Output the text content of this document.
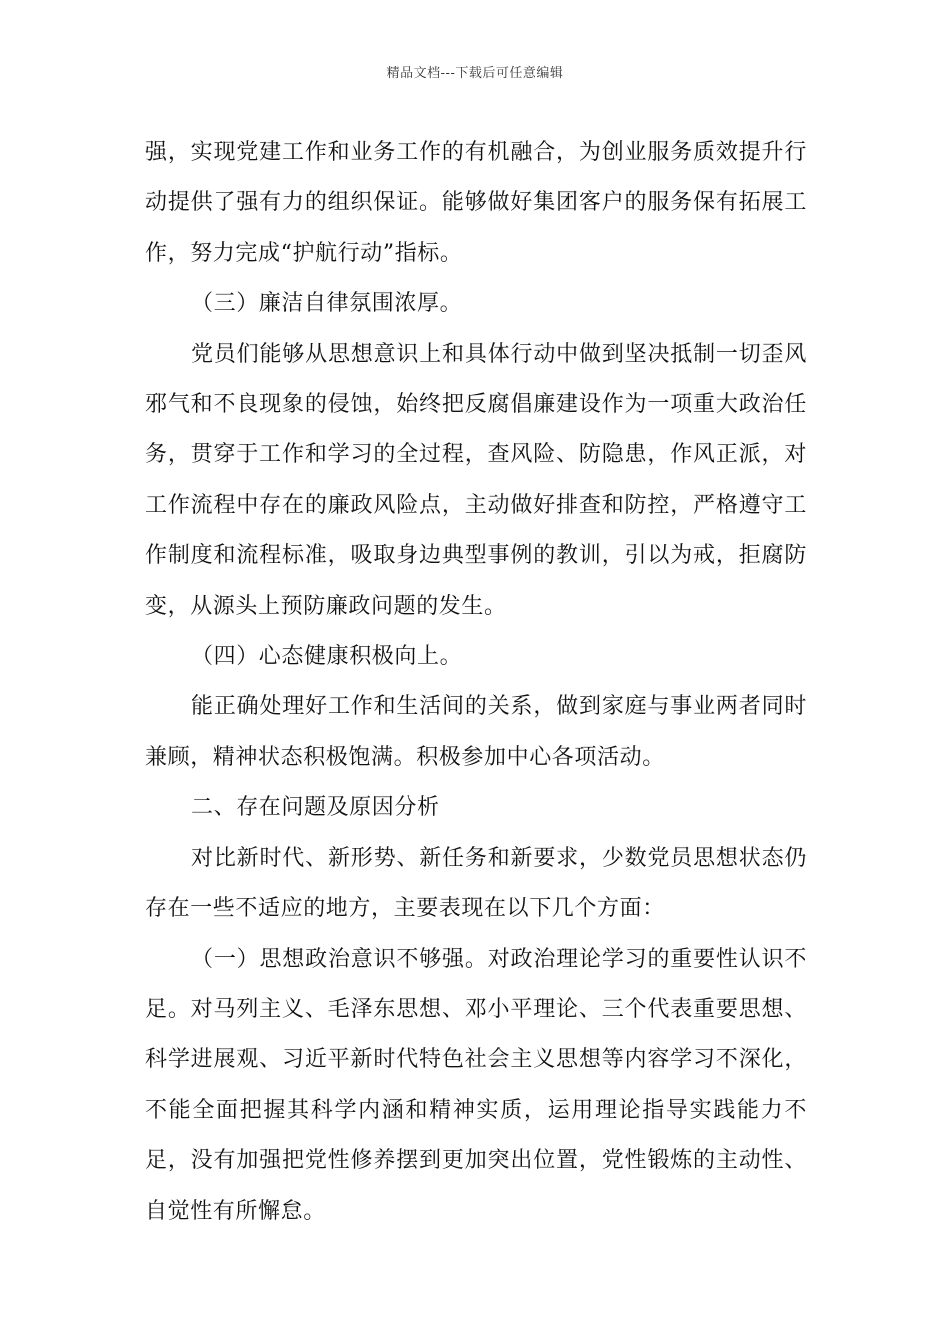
精品文档---下载后可任意编辑

强，实现党建工作和业务工作的有机融合，为创业服务质效提升行动提供了强有力的组织保证。能够做好集团客户的服务保有拓展工作，努力完成“护航行动”指标。

（三）廉洁自律氛围浓厚。

党员们能够从思想意识上和具体行动中做到坚决抵制一切歪风邪气和不良现象的侵蚀，始终把反腐倡廉建设作为一项重大政治任务，贯穿于工作和学习的全过程，查风险、防隐患，作风正派，对工作流程中存在的廉政风险点，主动做好排查和防控，严格遵守工作制度和流程标准，吸取身边典型事例的教训，引以为戒，拒腐防变，从源头上预防廉政问题的发生。

（四）心态健康积极向上。

能正确处理好工作和生活间的关系，做到家庭与事业两者同时兼顾，精神状态积极饱满。积极参加中心各项活动。

二、存在问题及原因分析

对比新时代、新形势、新任务和新要求，少数党员思想状态仍存在一些不适应的地方，主要表现在以下几个方面：

（一）思想政治意识不够强。对政治理论学习的重要性认识不足。对马列主义、毛泽东思想、邓小平理论、三个代表重要思想、科学进展观、习近平新时代特色社会主义思想等内容学习不深化，不能全面把握其科学内涵和精神实质，运用理论指导实践能力不足，没有加强把党性修养摆到更加突出位置，党性锻炼的主动性、自觉性有所懈怠。
